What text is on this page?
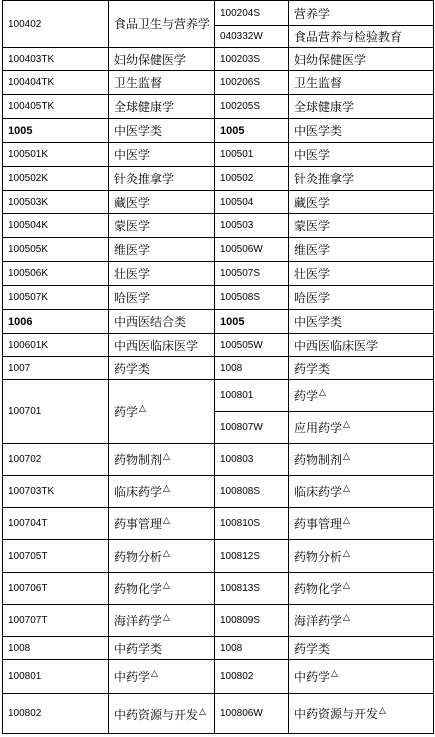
100402	食品卫生与营养学	100204S	营养学
		040332W	食品营养与检验教育
100403TK	妇幼保健医学	100203S	妇幼保健医学
100404TK	卫生监督	100206S	卫生监督
100405TK	全球健康学	100205S	全球健康学
1005	中医学类	1005	中医学类
100501K	中医学	100501	中医学
100502K	针灸推拿学	100502	针灸推拿学
100503K	藏医学	100504	藏医学
100504K	蒙医学	100503	蒙医学
100505K	维医学	100506W	维医学
100506K	壮医学	100507S	壮医学
100507K	哈医学	100508S	哈医学
1006	中西医结合类	1005	中医学类
100601K	中西医临床医学	100505W	中西医临床医学
1007	药学类	1008	药学类
100701	药学△	100801	药学△
		100807W	应用药学△
100702	药物制剂△	100803	药物制剂△
100703TK	临床药学△	100808S	临床药学△
100704T	药事管理△	100810S	药事管理△
100705T	药物分析△	100812S	药物分析△
100706T	药物化学△	100813S	药物化学△
100707T	海洋药学△	100809S	海洋药学△
1008	中药学类	1008	药学类
100801	中药学△	100802	中药学△
100802	中药资源与开发△	100806W	中药资源与开发△
